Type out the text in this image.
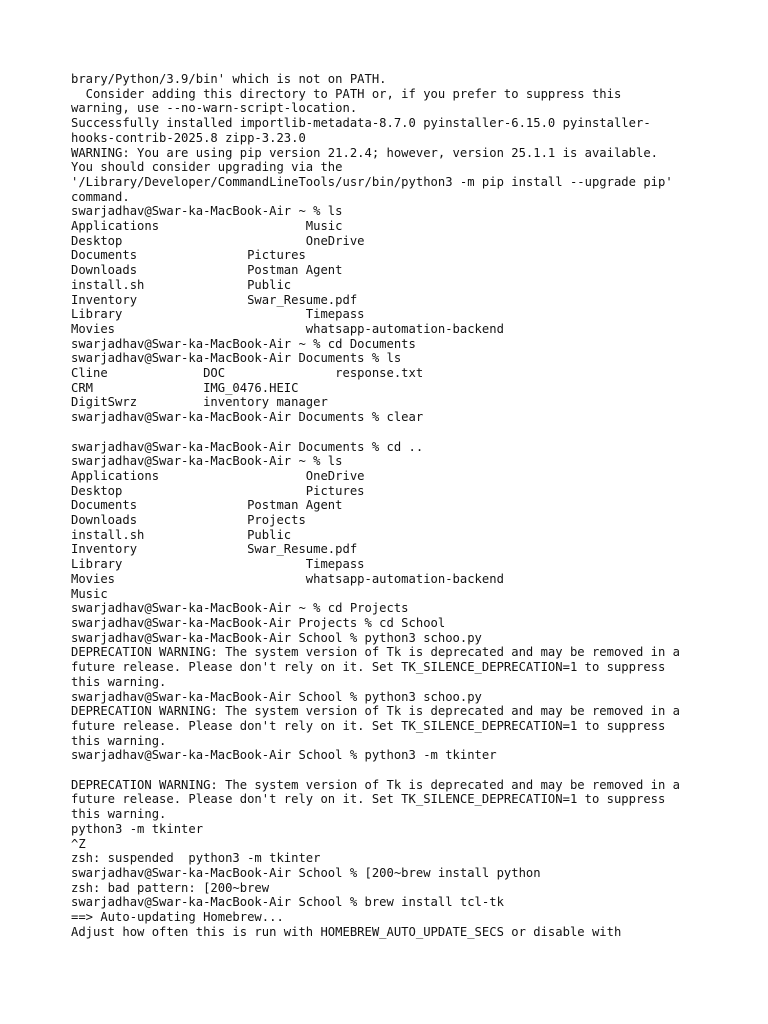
brary/Python/3.9/bin' which is not on PATH.
Consider adding this directory to PATH or, if you prefer to suppress this
warning, use --no-warn-script-location.
Successfully installed importlib-metadata-8.7.0 pyinstaller-6.15.0 pyinstaller-
hooks-contrib-2025.8 zipp-3.23.0
WARNING: You are using pip version 21.2.4; however, version 25.1.1 is available.
You should consider upgrading via the
'/Library/Developer/CommandLineTools/usr/bin/python3 -m pip install --upgrade pip'
command.
swarjadhav@Swar-ka-MacBook-Air ~ % ls
Applications                    Music
Desktop                         OneDrive
Documents               Pictures
Downloads               Postman Agent
install.sh              Public
Inventory               Swar_Resume.pdf
Library                         Timepass
Movies                          whatsapp-automation-backend
swarjadhav@Swar-ka-MacBook-Air ~ % cd Documents
swarjadhav@Swar-ka-MacBook-Air Documents % ls
Cline             DOC               response.txt
CRM               IMG_0476.HEIC
DigitSwrz         inventory manager
swarjadhav@Swar-ka-MacBook-Air Documents % clear
swarjadhav@Swar-ka-MacBook-Air Documents % cd ..
swarjadhav@Swar-ka-MacBook-Air ~ % ls
Applications                    OneDrive
Desktop                         Pictures
Documents               Postman Agent
Downloads               Projects
install.sh              Public
Inventory               Swar_Resume.pdf
Library                         Timepass
Movies                          whatsapp-automation-backend
Music
swarjadhav@Swar-ka-MacBook-Air ~ % cd Projects
swarjadhav@Swar-ka-MacBook-Air Projects % cd School
swarjadhav@Swar-ka-MacBook-Air School % python3 schoo.py
DEPRECATION WARNING: The system version of Tk is deprecated and may be removed in a
future release. Please don't rely on it. Set TK_SILENCE_DEPRECATION=1 to suppress
this warning.
swarjadhav@Swar-ka-MacBook-Air School % python3 schoo.py
DEPRECATION WARNING: The system version of Tk is deprecated and may be removed in a
future release. Please don't rely on it. Set TK_SILENCE_DEPRECATION=1 to suppress
this warning.
swarjadhav@Swar-ka-MacBook-Air School % python3 -m tkinter
DEPRECATION WARNING: The system version of Tk is deprecated and may be removed in a
future release. Please don't rely on it. Set TK_SILENCE_DEPRECATION=1 to suppress
this warning.
python3 -m tkinter
^Z
zsh: suspended  python3 -m tkinter
swarjadhav@Swar-ka-MacBook-Air School % [200~brew install python
zsh: bad pattern: [200~brew
swarjadhav@Swar-ka-MacBook-Air School % brew install tcl-tk
==> Auto-updating Homebrew...
Adjust how often this is run with HOMEBREW_AUTO_UPDATE_SECS or disable with
